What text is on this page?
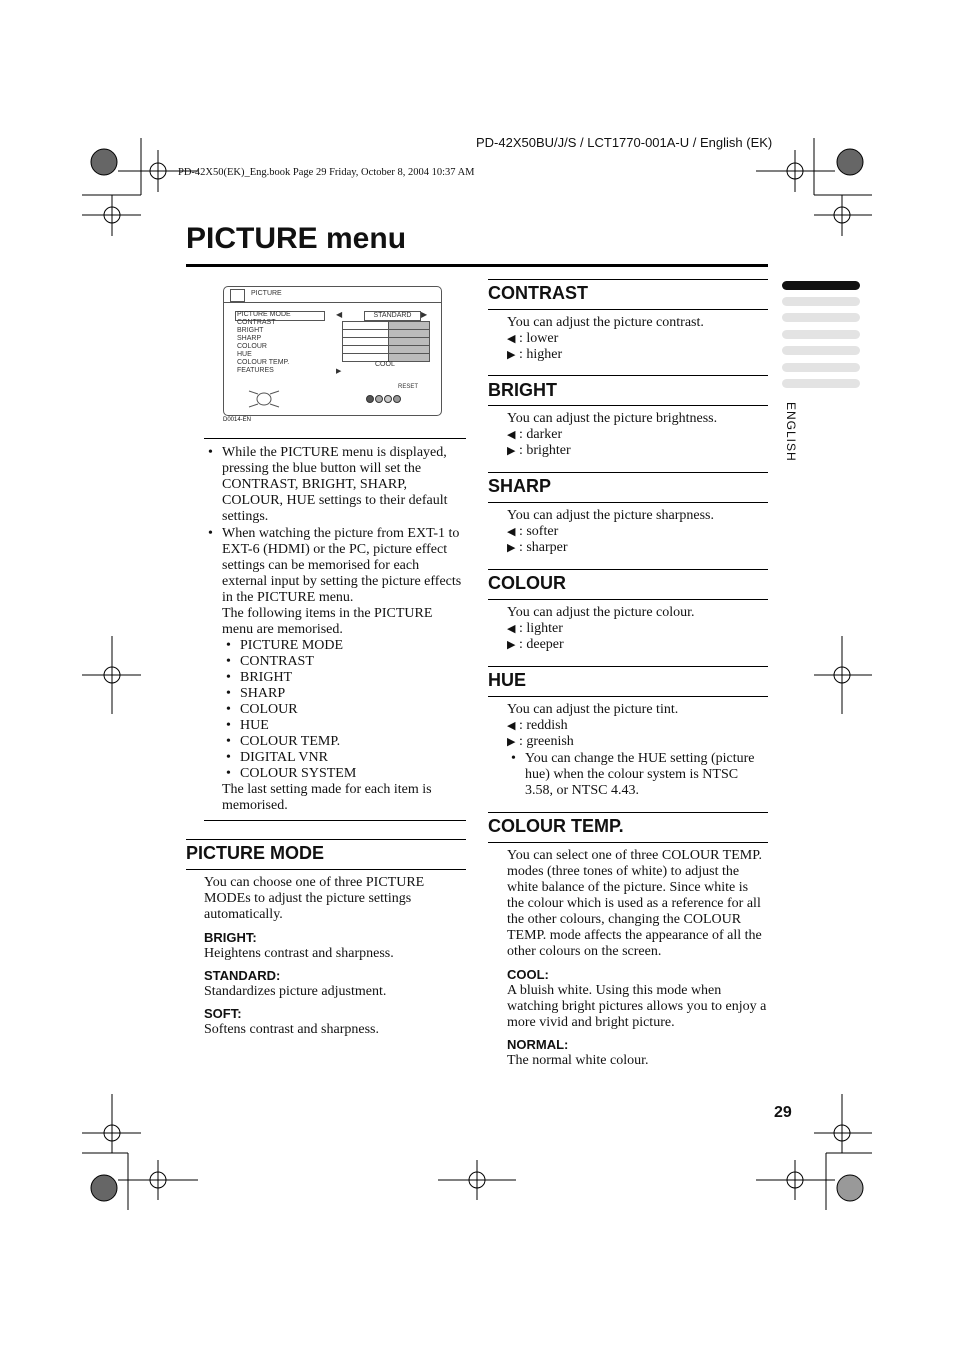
PD-42X50BU/J/S / LCT1770-001A-U / English (EK)
PD-42X50(EK)_Eng.book Page 29 Friday, October 8, 2004 10:37 AM
PICTURE menu
ENGLISH
PICTURE
PICTURE MODE
CONTRAST
BRIGHT
SHARP
COLOUR
HUE
COLOUR TEMP.
FEATURES
◀	STANDARD	▶
COOL
▶
RESET
D0014-EN
• While the PICTURE menu is displayed, pressing the blue button will set the CONTRAST, BRIGHT, SHARP, COLOUR, HUE settings to their default settings.
• When watching the picture from EXT-1 to EXT-6 (HDMI) or the PC, picture effect settings can be memorised for each external input by setting the picture effects in the PICTURE menu.
The following items in the PICTURE menu are memorised.
• PICTURE MODE
• CONTRAST
• BRIGHT
• SHARP
• COLOUR
• HUE
• COLOUR TEMP.
• DIGITAL VNR
• COLOUR SYSTEM
The last setting made for each item is memorised.
PICTURE MODE
You can choose one of three PICTURE MODEs to adjust the picture settings automatically.
BRIGHT:
Heightens contrast and sharpness.
STANDARD:
Standardizes picture adjustment.
SOFT:
Softens contrast and sharpness.
CONTRAST
You can adjust the picture contrast.
◀ : lower
▶ : higher
BRIGHT
You can adjust the picture brightness.
◀ : darker
▶ : brighter
SHARP
You can adjust the picture sharpness.
◀ : softer
▶ : sharper
COLOUR
You can adjust the picture colour.
◀ : lighter
▶ : deeper
HUE
You can adjust the picture tint.
◀ : reddish
▶ : greenish
• You can change the HUE setting (picture hue) when the colour system is NTSC 3.58, or NTSC 4.43.
COLOUR TEMP.
You can select one of three COLOUR TEMP. modes (three tones of white) to adjust the white balance of the picture. Since white is the colour which is used as a reference for all the other colours, changing the COLOUR TEMP. mode affects the appearance of all the other colours on the screen.
COOL:
A bluish white. Using this mode when watching bright pictures allows you to enjoy a more vivid and bright picture.
NORMAL:
The normal white colour.
29
